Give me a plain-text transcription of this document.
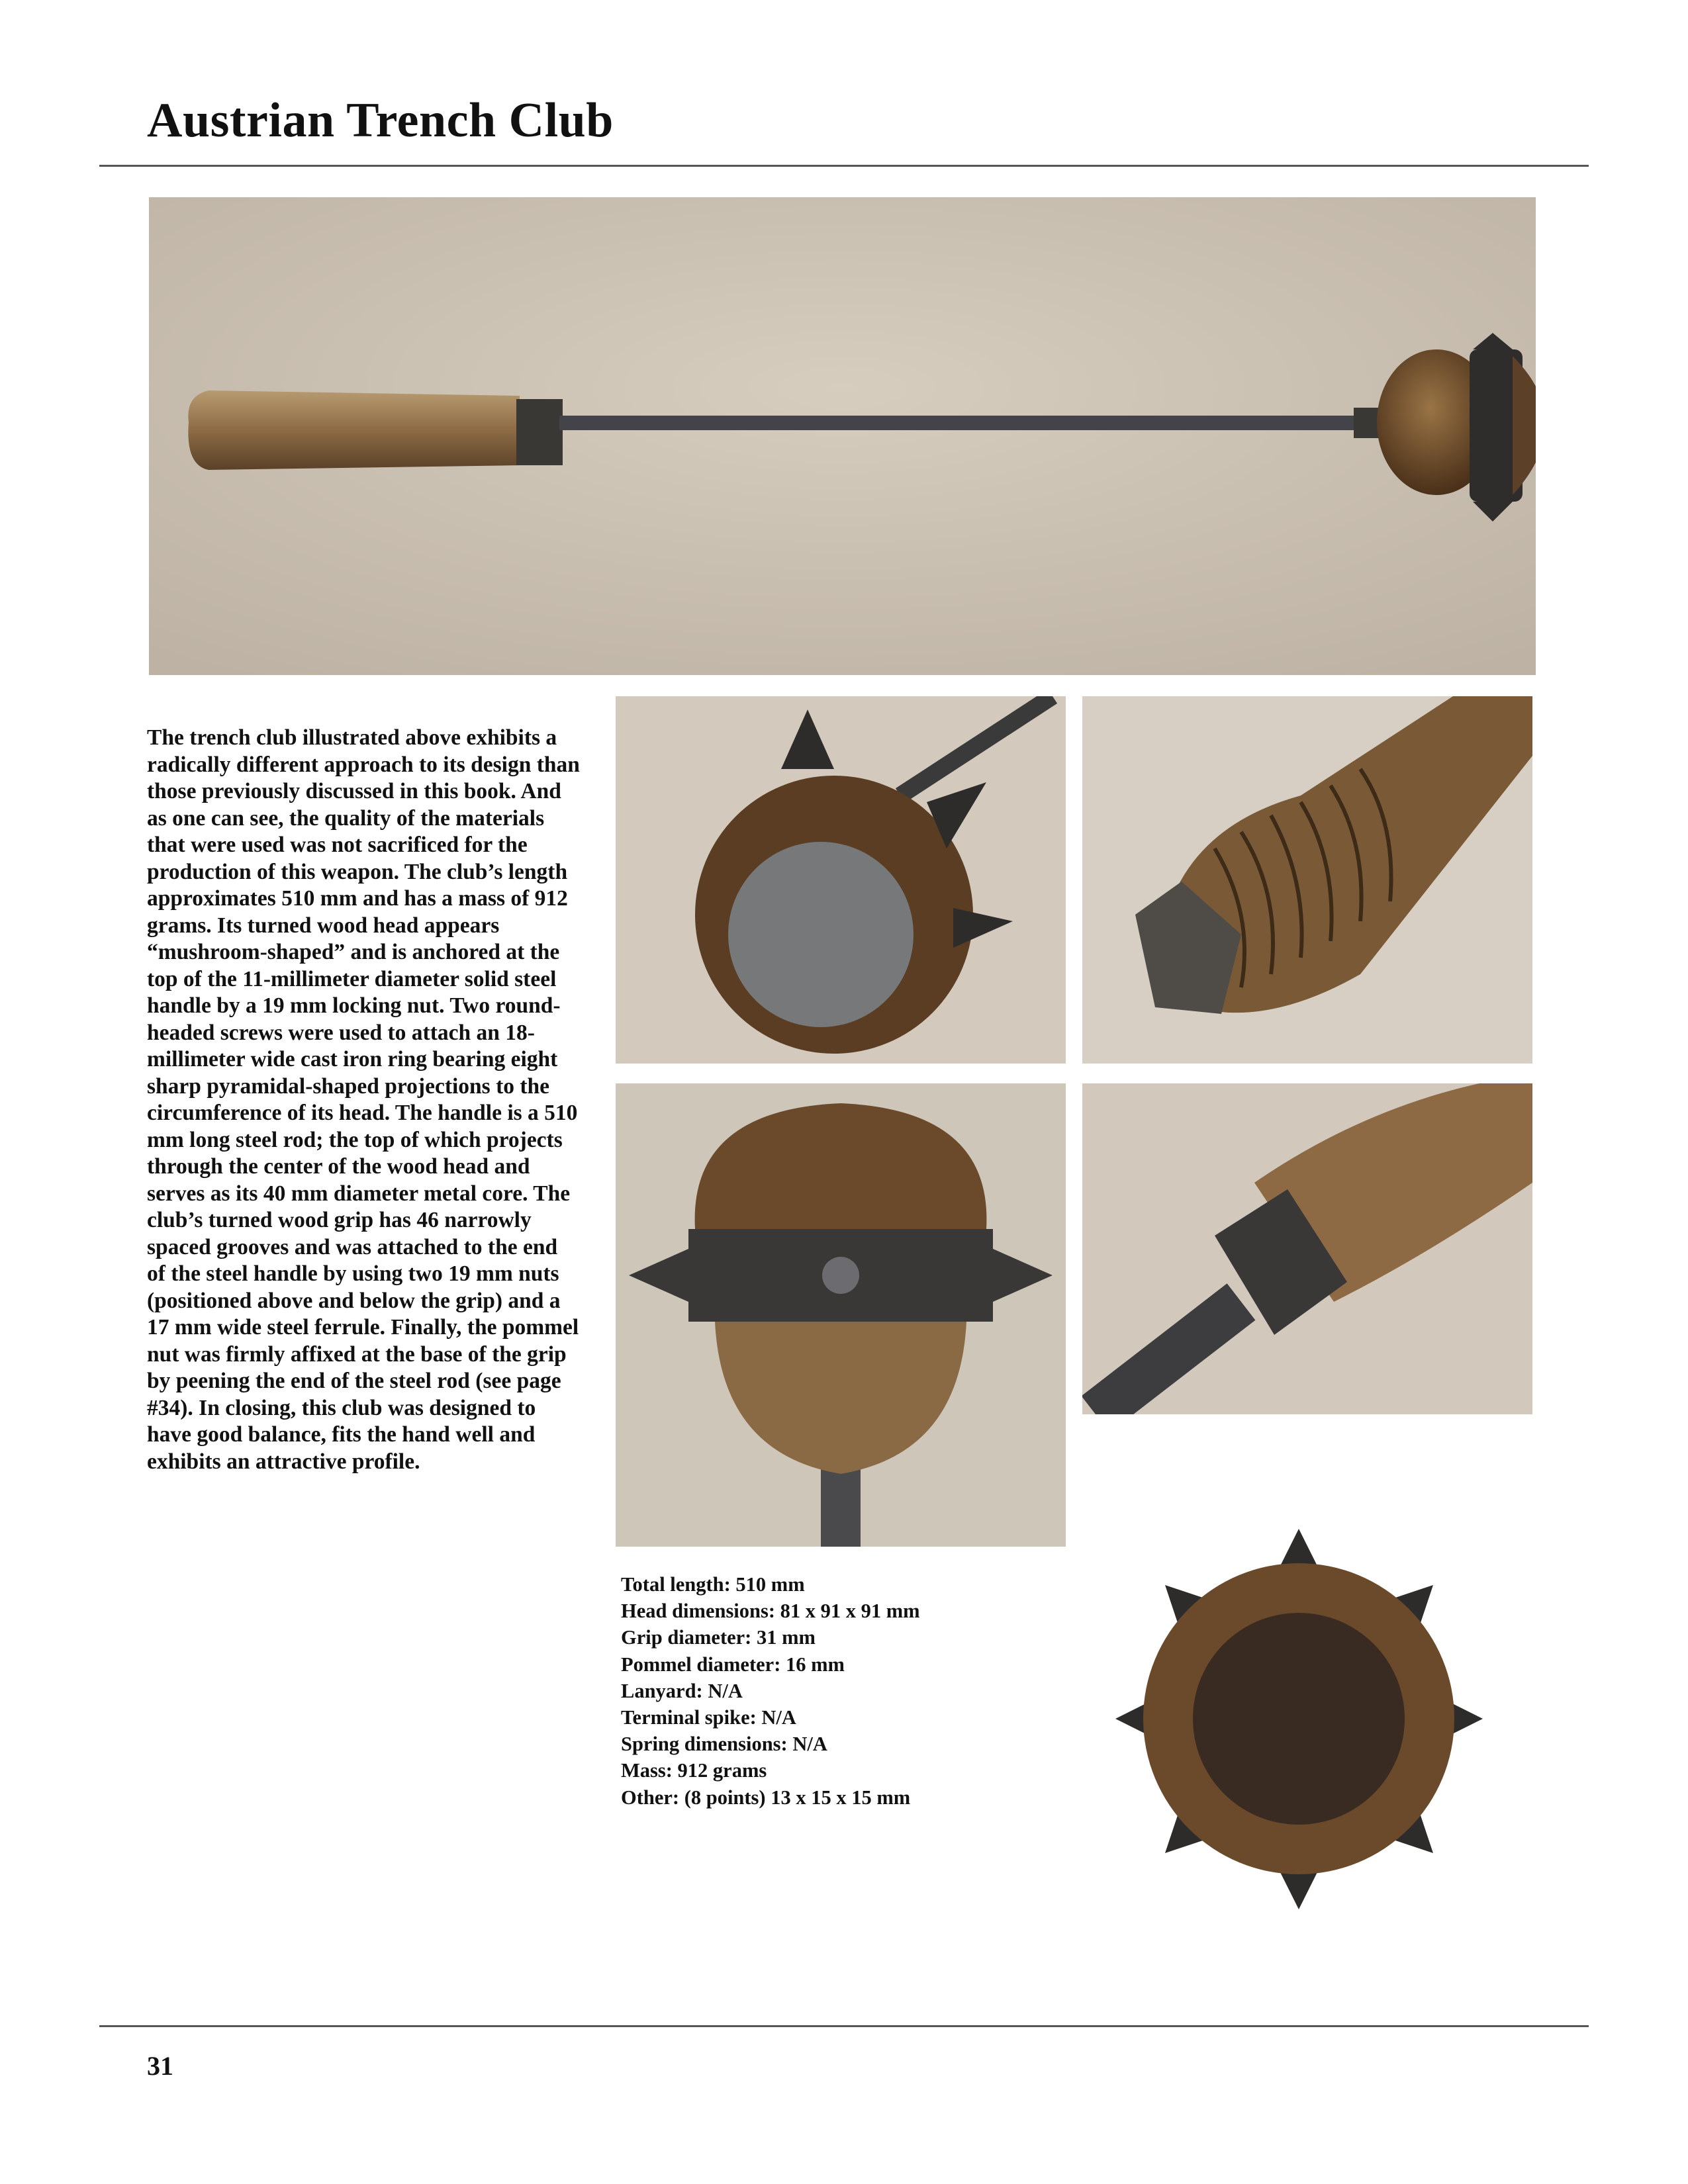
Austrian Trench Club
The trench club illustrated above exhibits a radically different approach to its design than those previously discussed in this book. And as one can see, the quality of the materials that were used was not sacrificed for the production of this weapon. The club’s length approximates 510 mm and has a mass of 912 grams. Its turned wood head appears “mushroom-shaped” and is anchored at the top of the 11-millimeter diameter solid steel handle by a 19 mm locking nut. Two round-headed screws were used to attach an 18-millimeter wide cast iron ring bearing eight sharp pyramidal-shaped projections to the circumference of its head. The handle is a 510 mm long steel rod; the top of which projects through the center of the wood head and serves as its 40 mm diameter metal core. The club’s turned wood grip has 46 narrowly spaced grooves and was attached to the end of the steel handle by using two 19 mm nuts (positioned above and below the grip) and a 17 mm wide steel ferrule. Finally, the pommel nut was firmly affixed at the base of the grip by peening the end of the steel rod (see page #34). In closing, this club was designed to have good balance, fits the hand well and exhibits an attractive profile.
Total length: 510 mm
Head dimensions: 81 x 91 x 91 mm
Grip diameter: 31 mm
Pommel diameter: 16 mm
Lanyard: N/A
Terminal spike: N/A
Spring dimensions: N/A
Mass: 912 grams
Other: (8 points) 13 x 15 x 15 mm
31
